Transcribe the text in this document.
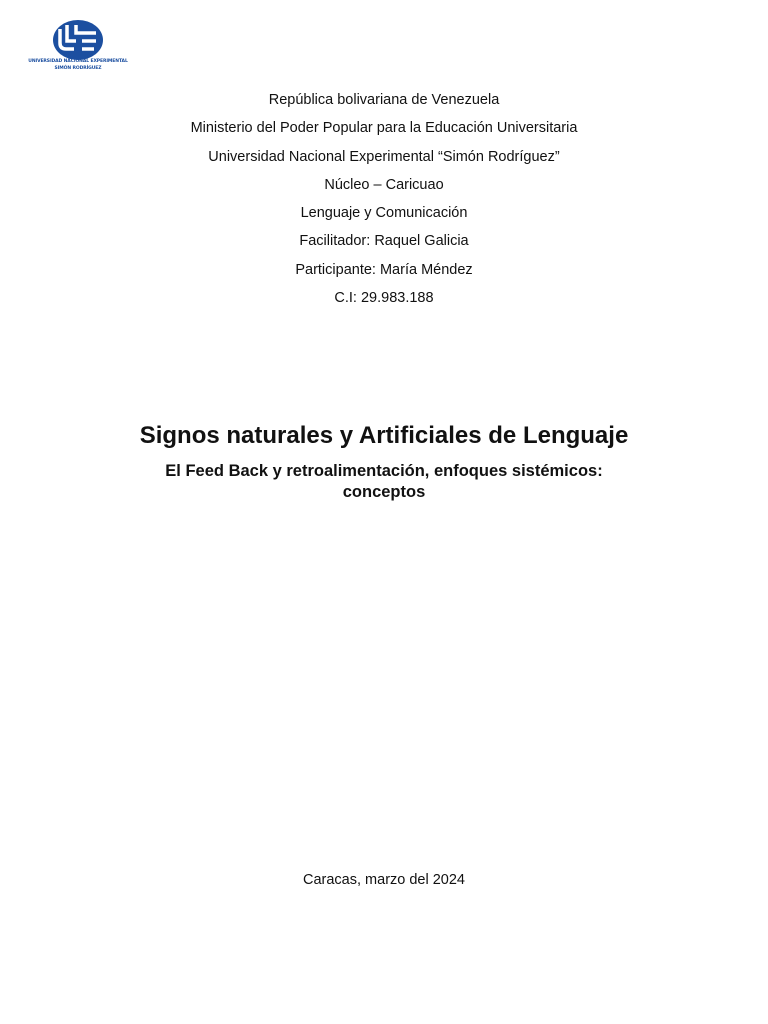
UNIVERSIDAD NACIONAL EXPERIMENTAL
SIMÓN RODRÍGUEZ
República bolivariana de Venezuela
Ministerio del Poder Popular para la Educación Universitaria
Universidad Nacional Experimental “Simón Rodríguez”
Núcleo – Caricuao
Lenguaje y Comunicación
Facilitador: Raquel Galicia
Participante: María Méndez
C.I: 29.983.188
Signos naturales y Artificiales de Lenguaje
El Feed Back y retroalimentación, enfoques sistémicos: conceptos
Caracas, marzo del 2024
